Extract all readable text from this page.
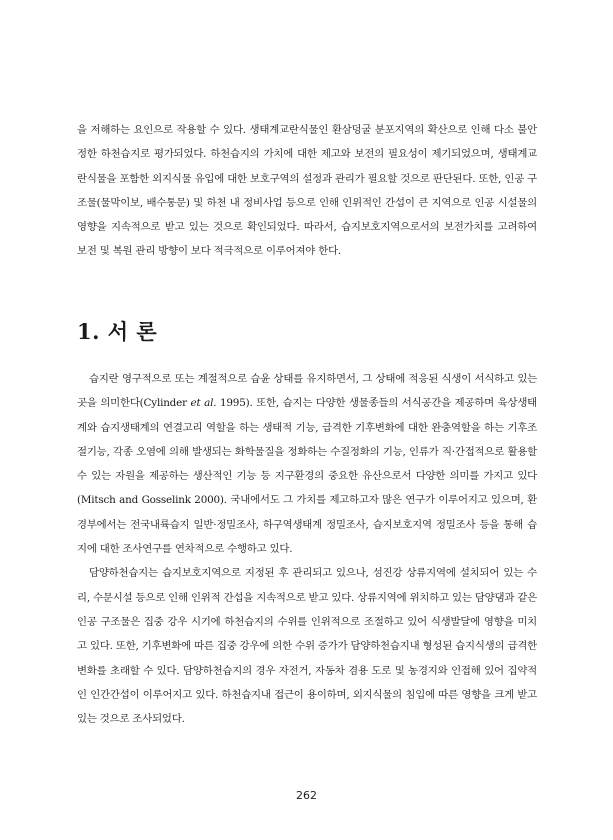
을 저해하는 요인으로 작용할 수 있다. 생태계교란식물인 환삼덩굴 분포지역의 확산으로 인해 다소 불안정한 하천습지로 평가되었다. 하천습지의 가치에 대한 제고와 보전의 필요성이 제기되었으며, 생태계교란식물을 포함한 외지식물 유입에 대한 보호구역의 설정과 관리가 필요할 것으로 판단된다. 또한, 인공 구조물(물막이보, 배수통문) 및 하천 내 정비사업 등으로 인해 인위적인 간섭이 큰 지역으로 인공 시설물의 영향을 지속적으로 받고 있는 것으로 확인되었다. 따라서, 습지보호지역으로서의 보전가치를 고려하여 보전 및 복원 관리 방향이 보다 적극적으로 이루어져야 한다.
1. 서 론

습지란 영구적으로 또는 계절적으로 습윤 상태를 유지하면서, 그 상태에 적응된 식생이 서식하고 있는 곳을 의미한다(Cylinder et al. 1995). 또한, 습지는 다양한 생물종들의 서식공간을 제공하며 육상생태계와 습지생태계의 연결고리 역할을 하는 생태적 기능, 급격한 기후변화에 대한 완충역할을 하는 기후조절기능, 각종 오염에 의해 발생되는 화학물질을 정화하는 수질정화의 기능, 인류가 직·간접적으로 활용할 수 있는 자원을 제공하는 생산적인 기능 등 지구환경의 중요한 유산으로서 다양한 의미를 가지고 있다(Mitsch and Gosselink 2000). 국내에서도 그 가치를 제고하고자 많은 연구가 이루어지고 있으며, 환경부에서는 전국내륙습지 일반·정밀조사, 하구역생태계 정밀조사, 습지보호지역 정밀조사 등을 통해 습지에 대한 조사연구를 연차적으로 수행하고 있다.

담양하천습지는 습지보호지역으로 지정된 후 관리되고 있으나, 섬진강 상류지역에 설치되어 있는 수리, 수문시설 등으로 인해 인위적 간섭을 지속적으로 받고 있다. 상류지역에 위치하고 있는 담양댐과 같은 인공 구조물은 집중 강우 시기에 하천습지의 수위를 인위적으로 조절하고 있어 식생발달에 영향을 미치고 있다. 또한, 기후변화에 따른 집중 강우에 의한 수위 증가가 담양하천습지내 형성된 습지식생의 급격한 변화를 초래할 수 있다. 담양하천습지의 경우 자전거, 자동차 겸용 도로 및 농경지와 인접해 있어 집약적인 인간간섭이 이루어지고 있다. 하천습지내 접근이 용이하며, 외지식물의 침입에 따른 영향을 크게 받고 있는 것으로 조사되었다.

262
